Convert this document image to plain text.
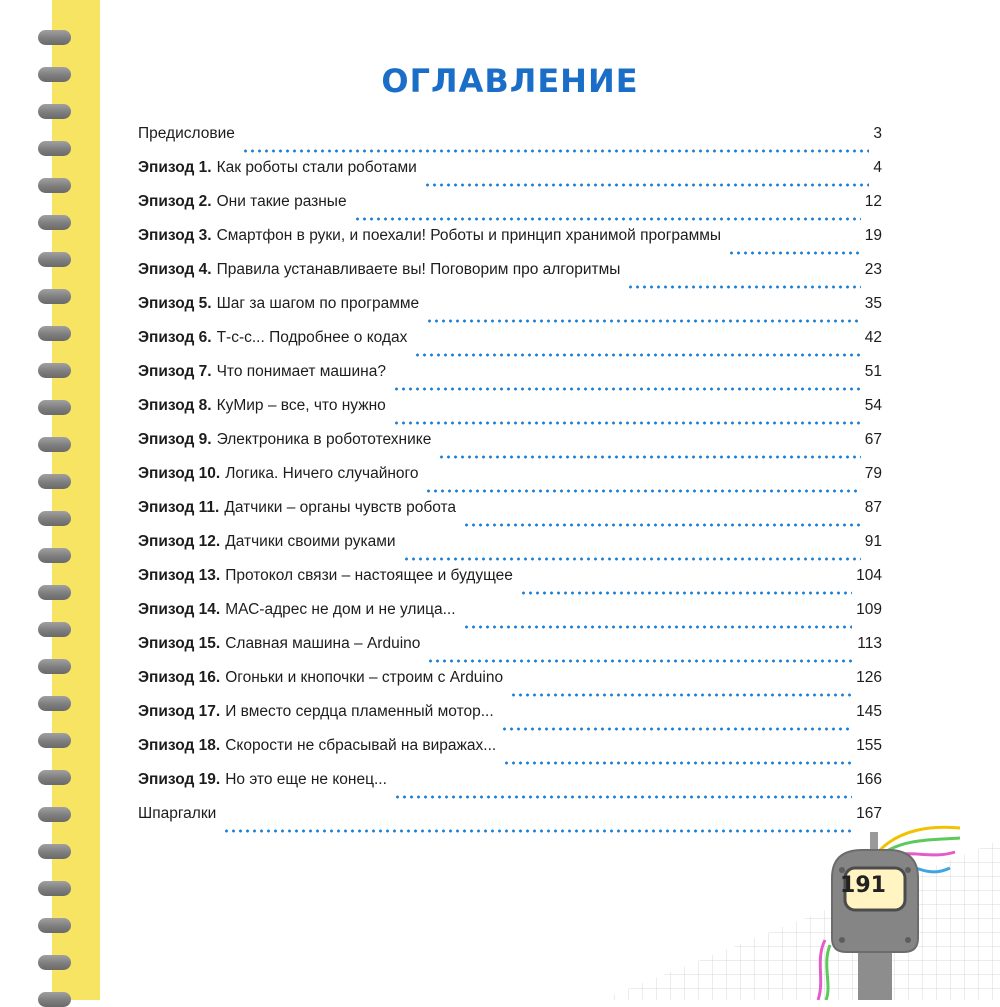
ОГЛАВЛЕНИЕ
Предисловие	3
Эпизод 1. Как роботы стали роботами	4
Эпизод 2. Они такие разные	12
Эпизод 3. Смартфон в руки, и поехали! Роботы и принцип хранимой программы	19
Эпизод 4. Правила устанавливаете вы! Поговорим про алгоритмы	23
Эпизод 5. Шаг за шагом по программе	35
Эпизод 6. Т-с-с... Подробнее о кодах	42
Эпизод 7. Что понимает машина?	51
Эпизод 8. КуМир – все, что нужно	54
Эпизод 9. Электроника в робототехнике	67
Эпизод 10. Логика. Ничего случайного	79
Эпизод 11. Датчики – органы чувств робота	87
Эпизод 12. Датчики своими руками	91
Эпизод 13. Протокол связи – настоящее и будущее	104
Эпизод 14. МАС-адрес не дом и не улица...	109
Эпизод 15. Славная машина – Arduino	113
Эпизод 16. Огоньки и кнопочки – строим с Arduino	126
Эпизод 17. И вместо сердца пламенный мотор...	145
Эпизод 18. Скорости не сбрасывай на виражах...	155
Эпизод 19. Но это еще не конец...	166
Шпаргалки	167
191
